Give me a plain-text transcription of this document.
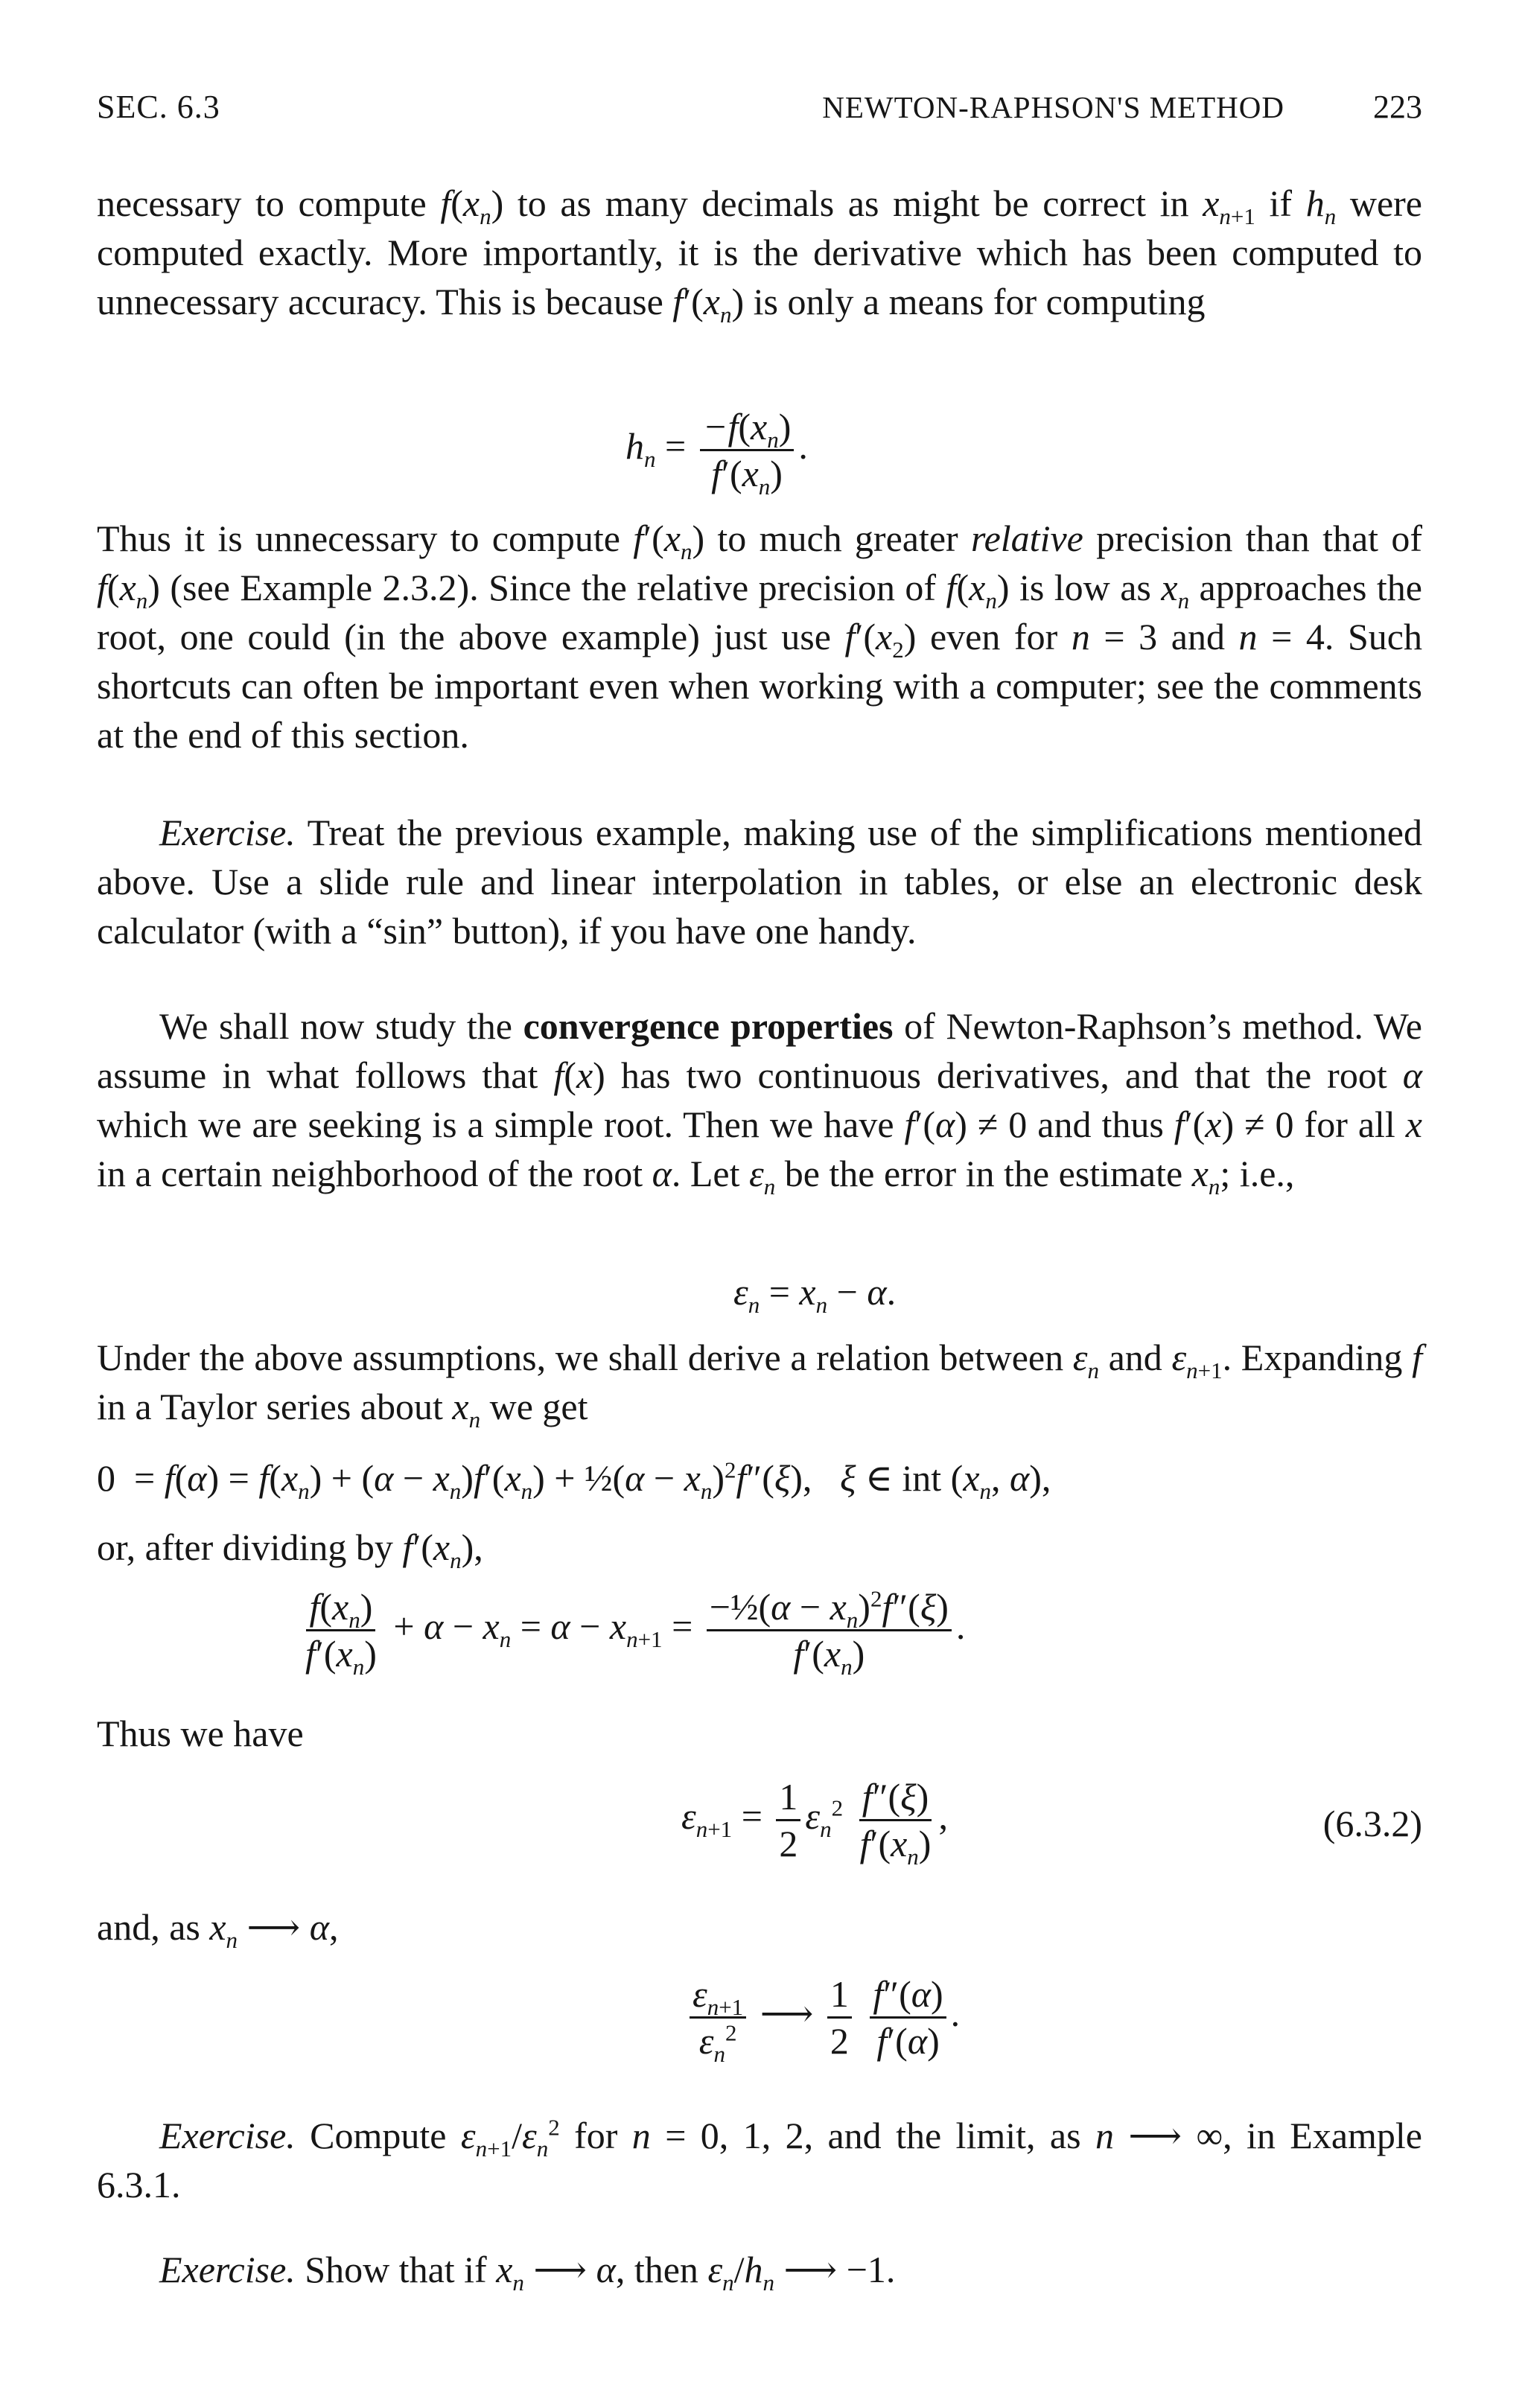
SEC. 6.3	NEWTON-RAPHSON'S METHOD	223
necessary to compute $f(x_n)$ to as many decimals as might be correct in $x_{n+1}$ if $h_n$ were computed exactly. More importantly, it is the derivative which has been computed to unnecessary accuracy. This is because $f'(x_n)$ is only a means for computing
$h_n = \frac{-f(x_n)}{f'(x_n)}$ .
Thus it is unnecessary to compute $f'(x_n)$ to much greater relative precision than that of $f(x_n)$ (see Example 2.3.2). Since the relative precision of $f(x_n)$ is low as $x_n$ approaches the root, one could (in the above example) just use $f'(x_2)$ even for n = 3 and n = 4. Such shortcuts can often be important even when working with a computer; see the comments at the end of this section.
Exercise. Treat the previous example, making use of the simplifications mentioned above. Use a slide rule and linear interpolation in tables, or else an electronic desk calculator (with a “sin” button), if you have one handy.
We shall now study the convergence properties of Newton-Raphson’s method. We assume in what follows that f(x) has two continuous derivatives, and that the root α which we are seeking is a simple root. Then we have f′(α) ≠ 0 and thus f′(x) ≠ 0 for all x in a certain neighborhood of the root α. Let $\varepsilon_n$ be the error in the estimate $x_n$; i.e.,
$\varepsilon_n = x_n - \alpha$.
Under the above assumptions, we shall derive a relation between $\varepsilon_n$ and $\varepsilon_{n+1}$. Expanding f in a Taylor series about $x_n$ we get
$0 = f(\alpha) = f(x_n) + (\alpha - x_n)f'(x_n)$ + ½(α − $x_n)^2f''(\xi)$,   ξ ∈ int ($x_n$, α),
or, after dividing by $f'(x_n)$,
$\frac{f(x_n)}{f'(x_n)} + \alpha - x_n = \alpha - x_{n+1} = \frac{-\frac{1}{2}(\alpha - x_n)^2f''(\xi)}{f'(x_n)}$ .
Thus we have
$\varepsilon_{n+1} = \frac{1}{2} \varepsilon_n^2 \frac{f''(\xi)}{f'(x_n)}$ ,	(6.3.2)
and, as $x_n$ ⟶ α,
$\frac{\varepsilon_{n+1}}{\varepsilon_n^2}$ ⟶ $\frac{1}{2}$
$\frac{f''(\alpha)}{f'(\alpha)}$ .
Exercise. Compute $\varepsilon_{n+1}/\varepsilon_n^2$ for n = 0, 1, 2, and the limit, as n ⟶ ∞, in Example 6.3.1.
Exercise. Show that if $x_n$ ⟶ α, then $\varepsilon_n/h_n$ ⟶ −1.
